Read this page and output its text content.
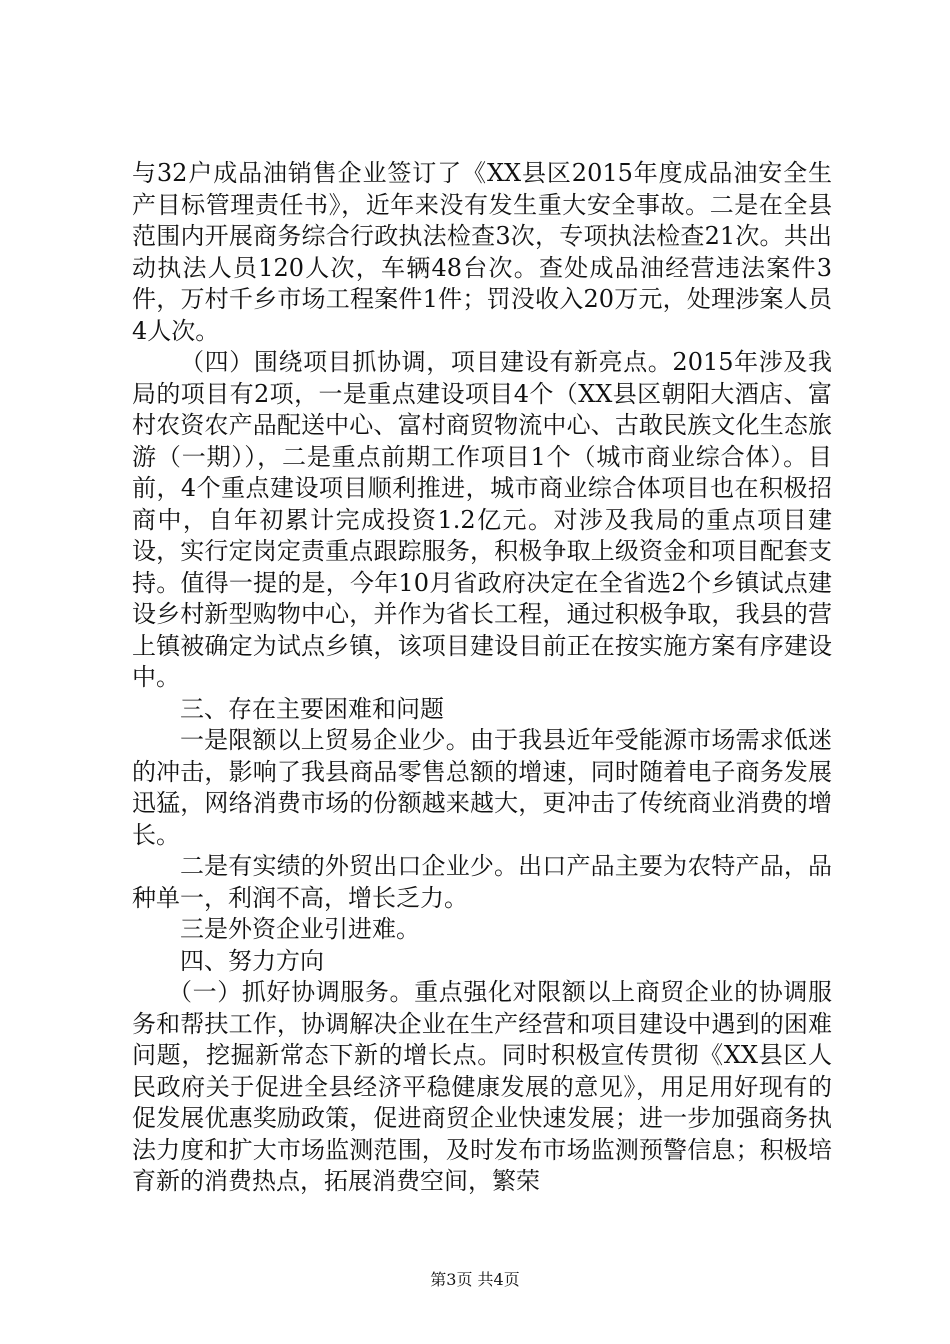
与32户成品油销售企业签订了《XX县区2015年度成品油安全生产目标管理责任书》，近年来没有发生重大安全事故。二是在全县范围内开展商务综合行政执法检查3次，专项执法检查21次。共出动执法人员120人次，车辆48台次。查处成品油经营违法案件3件，万村千乡市场工程案件1件；罚没收入20万元，处理涉案人员4人次。

（四）围绕项目抓协调，项目建设有新亮点。2015年涉及我局的项目有2项，一是重点建设项目4个（XX县区朝阳大酒店、富村农资农产品配送中心、富村商贸物流中心、古敢民族文化生态旅游（一期）），二是重点前期工作项目1个（城市商业综合体）。目前，4个重点建设项目顺利推进，城市商业综合体项目也在积极招商中，自年初累计完成投资1.2亿元。对涉及我局的重点项目建设，实行定岗定责重点跟踪服务，积极争取上级资金和项目配套支持。值得一提的是，今年10月省政府决定在全省选2个乡镇试点建设乡村新型购物中心，并作为省长工程，通过积极争取，我县的营上镇被确定为试点乡镇，该项目建设目前正在按实施方案有序建设中。

三、存在主要困难和问题

一是限额以上贸易企业少。由于我县近年受能源市场需求低迷的冲击，影响了我县商品零售总额的增速，同时随着电子商务发展迅猛，网络消费市场的份额越来越大，更冲击了传统商业消费的增长。

二是有实绩的外贸出口企业少。出口产品主要为农特产品，品种单一，利润不高，增长乏力。

三是外资企业引进难。

四、努力方向

（一）抓好协调服务。重点强化对限额以上商贸企业的协调服务和帮扶工作，协调解决企业在生产经营和项目建设中遇到的困难问题，挖掘新常态下新的增长点。同时积极宣传贯彻《XX县区人民政府关于促进全县经济平稳健康发展的意见》，用足用好现有的促发展优惠奖励政策，促进商贸企业快速发展；进一步加强商务执法力度和扩大市场监测范围，及时发布市场监测预警信息；积极培育新的消费热点，拓展消费空间，繁荣

第3页 共4页
